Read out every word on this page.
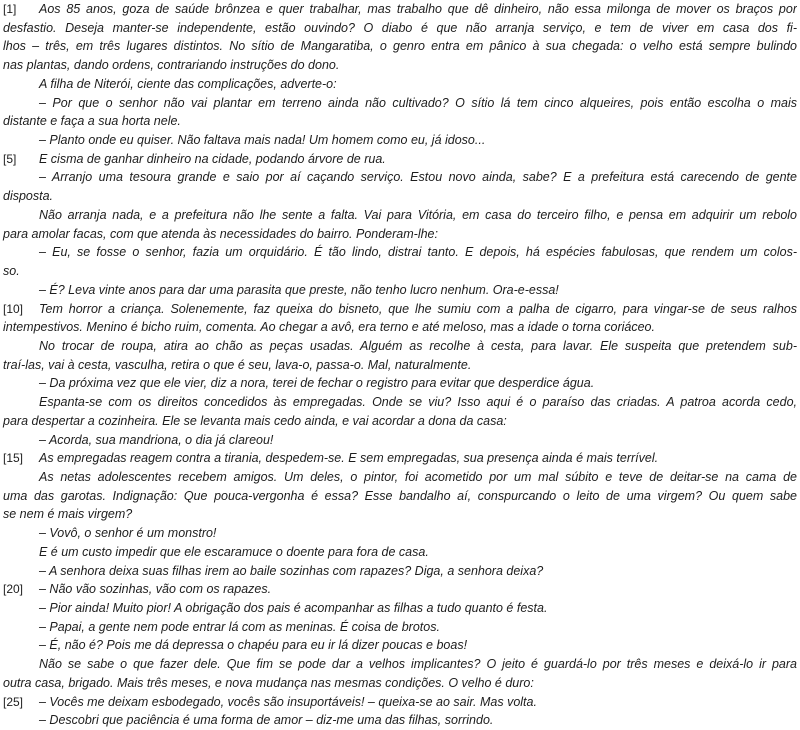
[1] Aos 85 anos, goza de saúde brônzea e quer trabalhar, mas trabalho que dê dinheiro, não essa milonga de mover os braços por
desfastio. Deseja manter-se independente, estão ouvindo? O diabo é que não arranja serviço, e tem de viver em casa dos fi-
lhos – três, em três lugares distintos. No sítio de Mangaratiba, o genro entra em pânico à sua chegada: o velho está sempre bulindo
nas plantas, dando ordens, contrariando instruções do dono.
A filha de Niterói, ciente das complicações, adverte-o:
– Por que o senhor não vai plantar em terreno ainda não cultivado? O sítio lá tem cinco alqueires, pois então escolha o mais
distante e faça a sua horta nele.
– Planto onde eu quiser. Não faltava mais nada! Um homem como eu, já idoso...
[5] E cisma de ganhar dinheiro na cidade, podando árvore de rua.
– Arranjo uma tesoura grande e saio por aí caçando serviço. Estou novo ainda, sabe? E a prefeitura está carecendo de gente
disposta.
Não arranja nada, e a prefeitura não lhe sente a falta. Vai para Vitória, em casa do terceiro filho, e pensa em adquirir um rebolo
para amolar facas, com que atenda às necessidades do bairro. Ponderam-lhe:
– Eu, se fosse o senhor, fazia um orquidário. É tão lindo, distrai tanto. E depois, há espécies fabulosas, que rendem um colos-
so.
– É? Leva vinte anos para dar uma parasita que preste, não tenho lucro nenhum. Ora-e-essa!
[10] Tem horror a criança. Solenemente, faz queixa do bisneto, que lhe sumiu com a palha de cigarro, para vingar-se de seus ralhos
intempestivos. Menino é bicho ruim, comenta. Ao chegar a avô, era terno e até meloso, mas a idade o torna coriáceo.
No trocar de roupa, atira ao chão as peças usadas. Alguém as recolhe à cesta, para lavar. Ele suspeita que pretendem sub-
traí-las, vai à cesta, vasculha, retira o que é seu, lava-o, passa-o. Mal, naturalmente.
– Da próxima vez que ele vier, diz a nora, terei de fechar o registro para evitar que desperdice água.
Espanta-se com os direitos concedidos às empregadas. Onde se viu? Isso aqui é o paraíso das criadas. A patroa acorda cedo,
para despertar a cozinheira. Ele se levanta mais cedo ainda, e vai acordar a dona da casa:
– Acorda, sua mandriona, o dia já clareou!
[15] As empregadas reagem contra a tirania, despedem-se. E sem empregadas, sua presença ainda é mais terrível.
As netas adolescentes recebem amigos. Um deles, o pintor, foi acometido por um mal súbito e teve de deitar-se na cama de
uma das garotas. Indignação: Que pouca-vergonha é essa? Esse bandalho aí, conspurcando o leito de uma virgem? Ou quem sabe
se nem é mais virgem?
– Vovô, o senhor é um monstro!
E é um custo impedir que ele escaramuce o doente para fora de casa.
– A senhora deixa suas filhas irem ao baile sozinhas com rapazes? Diga, a senhora deixa?
[20] – Não vão sozinhas, vão com os rapazes.
– Pior ainda! Muito pior! A obrigação dos pais é acompanhar as filhas a tudo quanto é festa.
– Papai, a gente nem pode entrar lá com as meninas. É coisa de brotos.
– É, não é? Pois me dá depressa o chapéu para eu ir lá dizer poucas e boas!
Não se sabe o que fazer dele. Que fim se pode dar a velhos implicantes? O jeito é guardá-lo por três meses e deixá-lo ir para
outra casa, brigado. Mais três meses, e nova mudança nas mesmas condições. O velho é duro:
[25] – Vocês me deixam esbodegado, vocês são insuportáveis! – queixa-se ao sair. Mas volta.
– Descobri que paciência é uma forma de amor – diz-me uma das filhas, sorrindo.
